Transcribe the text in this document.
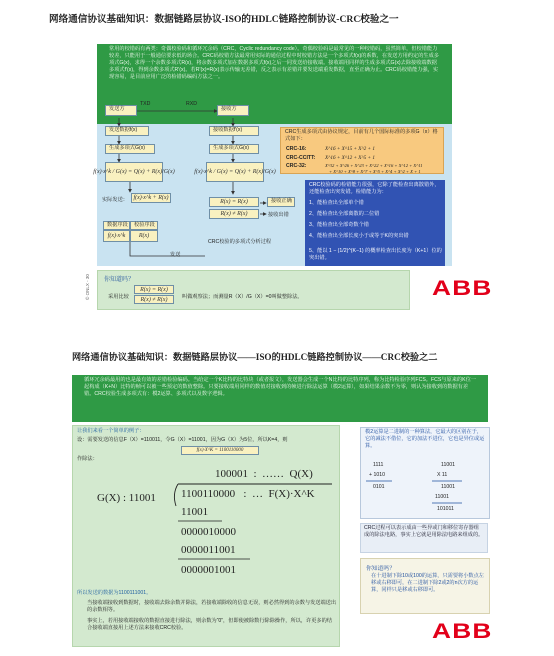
网络通信协议基础知识：数据链路层协议-ISO的HDLC链路控制协议-CRC校验之一
常用的校错码有两类：奇偶校验码和循环冗余码（CRC，Cyclic redundancy code）。奇偶校验码是最常见的一种校错码，虽然简单，但校错能力较差，只能用于一般通信要求低的场合。CRC码校错方法最常用实际的通信过程中时校错方法是一个多项式f(x)的系数，在发送方用约定的生成多项式G(x)，求得一个余数多项式R(x)，将余数多项式加在数据多项式f(x)之后一同发送给接收端。接收端用同样的生成多项式G(x)去除接收端数据多项式f'(x)，得到余数多项式R'(x)。若R'(x)=R(x)表示传输无差错，反之表示有差错并要发送端重发数据，直至正确为止。CRC码校错能力强，实现容易，是目前应用广泛的检错码编码方法之一。
TXD	RXD
发送方	接收方
发送数据f(x)	接收数据f'(x)
生成多项式G(x)	生成多项式G(x)
f(x)·x^k / G(x) = Q(x) + R(x)/G(x)	f(x)·x^k / G(x) = Q(x) + R(x)/G(x)
实际发送： f(x)·x^k + R(x)
R(x) = R(x)
R(x) ≠ R(x)
接收正确
接收出错
数据序段	校验序段
f(x)·x^k	R(x)
发送
CRC校验的多项式分析过程
CRC生成多项式由协议规定，目前有几个国际标准的多项G（x）格式如下：
CRC-16:	X^16 + X^15 + X^2 + 1
CRC-CCITT: X^16 + X^12 + X^5 + 1
CRC-32:	X^32 + X^26 + X^23 + X^22 + X^16 + X^12 + X^11
+ X^10 + X^8 + X^7 + X^5 + X^4 + X^2 + X + 1
CRC校验码的检错能力很强，它除了能检查出离散错外，还能检查出突发错。检错能力为：
1、能检查出全部单个错
2、能检查出全部离散的二位错
3、能检查出全部奇数个错
4、能检查出全部长度小于或等于K的突出错
5、能以 1 − (1/2)^(K−1) 的概率检查出长度为（K+1）位的突出错。
你知道吗？
采用比较
R(x) = R(x)
R(x) ≠ R(x)	叫做观察法；而测量R（X）/G（X）=0叫做整除法。
© ONLX - 30	ABB
网络通信协议基础知识：数据链路层协议——ISO的HDLC链路控制协议——CRC校验之二
循环冗余码最用的也是最有效的差错检验编码。当给定一个K比特的比特块（或者报文），发送器会生成一个N比特的比特序列，称为比特检验序列FCS。FCS与原来的K位一起构成（K+N）比特的帧可以被一些预定的数值整除。只要接收端用同样的数值对接收到的帧进行除法运算（模2运算），如果结果余数不为零，则认为接收到的数据有差错。CRC校验生成多项式有：模2运算、多项式以及数字逻辑。
让我们来看一个简单的例子：
设：需要发送的信息F（X）=110011，令G（X）=11001，因为G（X）为5位，所以K=4，则
f(x)·X^K = 1100110000
作除法：
100001  :  ……  Q(X)
G(X) : 11001 1100110000   :  …  F(X)·X^K
11001
0000010000
0000011001
0000001001
所以发送的数据为1100111001。
当接收端接收到数据时，接收端去除余数并除法，若接收端除收的信息无误，则必然得到的余数与发送端送出的余数相等。
事实上，若用接收端接收的数据直接进行除法，则余数为“0”，但即使被除数行除除操作，所以，许更多的结合接收端直接用上述方法来接收CRC校验。
模2运算是二进制的一种算法，它最大的区别在于，它的减法不借位，它的加法不进位，它也是异位或运算。
1111
+ 1010
0101
11001
X 11
11001
11001
101011
CRC过程可以表示成由一些异或门和移位寄存器组成的除法电路，事实上它就是用除法电路来组成的。
你知道吗？
在十进制下除10或100的运算，只需要将小数点左移或右移即可，在二进制下除2或2的n次方的运算，同样只是移或右移即可。
ABB
